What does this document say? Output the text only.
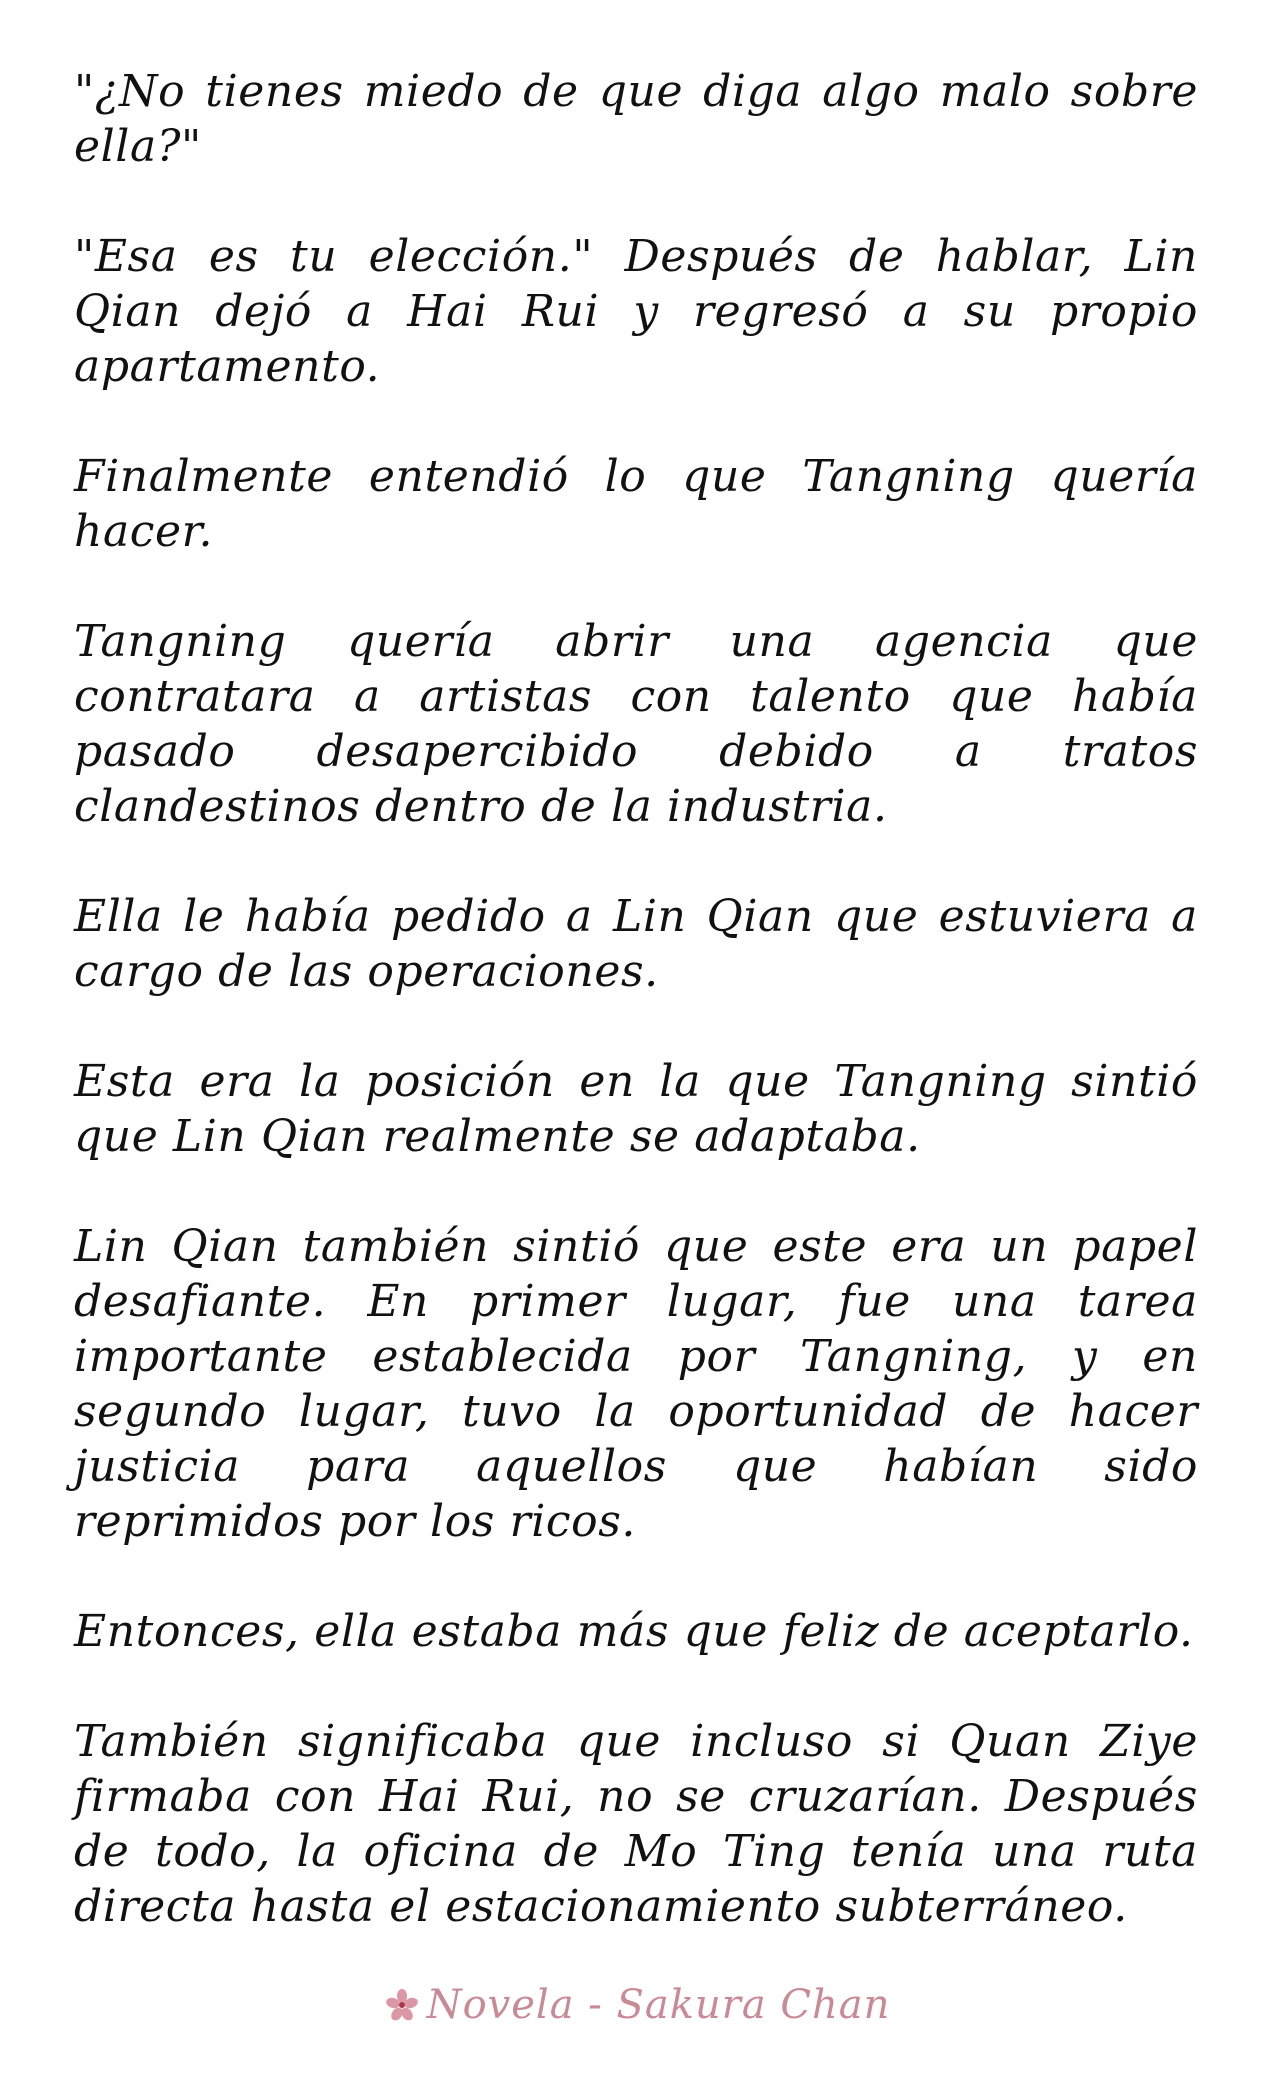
"¿No tienes miedo de que diga algo malo sobre ella?"

"Esa es tu elección." Después de hablar, Lin Qian dejó a Hai Rui y regresó a su propio apartamento.

Finalmente entendió lo que Tangning quería hacer.

Tangning quería abrir una agencia que contratara a artistas con talento que había pasado desapercibido debido a tratos clandestinos dentro de la industria.

Ella le había pedido a Lin Qian que estuviera a cargo de las operaciones.

Esta era la posición en la que Tangning sintió que Lin Qian realmente se adaptaba.

Lin Qian también sintió que este era un papel desafiante. En primer lugar, fue una tarea importante establecida por Tangning, y en segundo lugar, tuvo la oportunidad de hacer justicia para aquellos que habían sido reprimidos por los ricos.

Entonces, ella estaba más que feliz de aceptarlo.

También significaba que incluso si Quan Ziye firmaba con Hai Rui, no se cruzarían. Después de todo, la oficina de Mo Ting tenía una ruta directa hasta el estacionamiento subterráneo.

Novela - Sakura Chan
